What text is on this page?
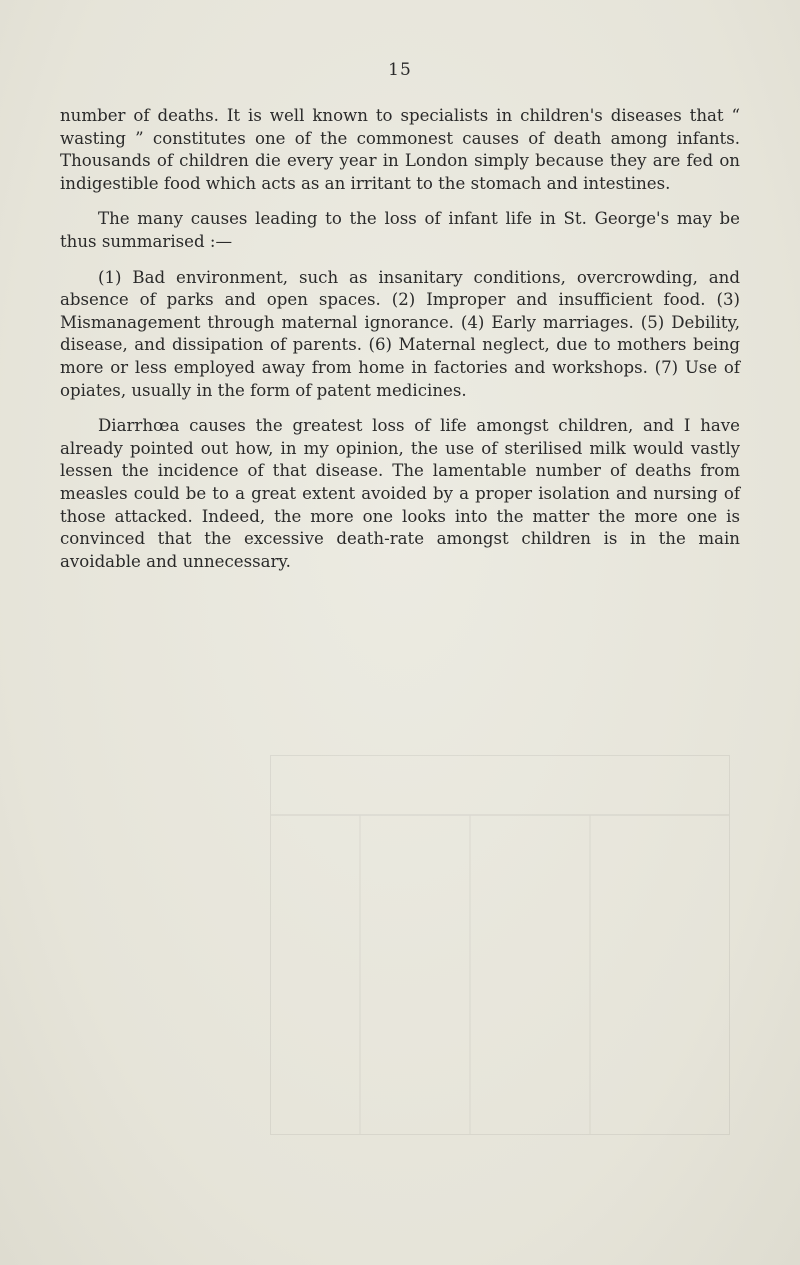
15

number of deaths. It is well known to specialists in children's diseases that “ wasting ” constitutes one of the commonest causes of death among infants. Thousands of children die every year in London simply because they are fed on indigestible food which acts as an irritant to the stomach and intestines.

The many causes leading to the loss of infant life in St. George's may be thus summarised :—

(1) Bad environment, such as insanitary conditions, overcrowding, and absence of parks and open spaces. (2) Improper and insufficient food. (3) Mismanagement through maternal ignorance. (4) Early marriages. (5) Debility, disease, and dissipation of parents. (6) Maternal neglect, due to mothers being more or less employed away from home in factories and workshops. (7) Use of opiates, usually in the form of patent medicines.

Diarrhœa causes the greatest loss of life amongst children, and I have already pointed out how, in my opinion, the use of sterilised milk would vastly lessen the incidence of that disease. The lamentable number of deaths from measles could be to a great extent avoided by a proper isolation and nursing of those attacked. Indeed, the more one looks into the matter the more one is convinced that the excessive death-rate amongst children is in the main avoidable and unnecessary.
